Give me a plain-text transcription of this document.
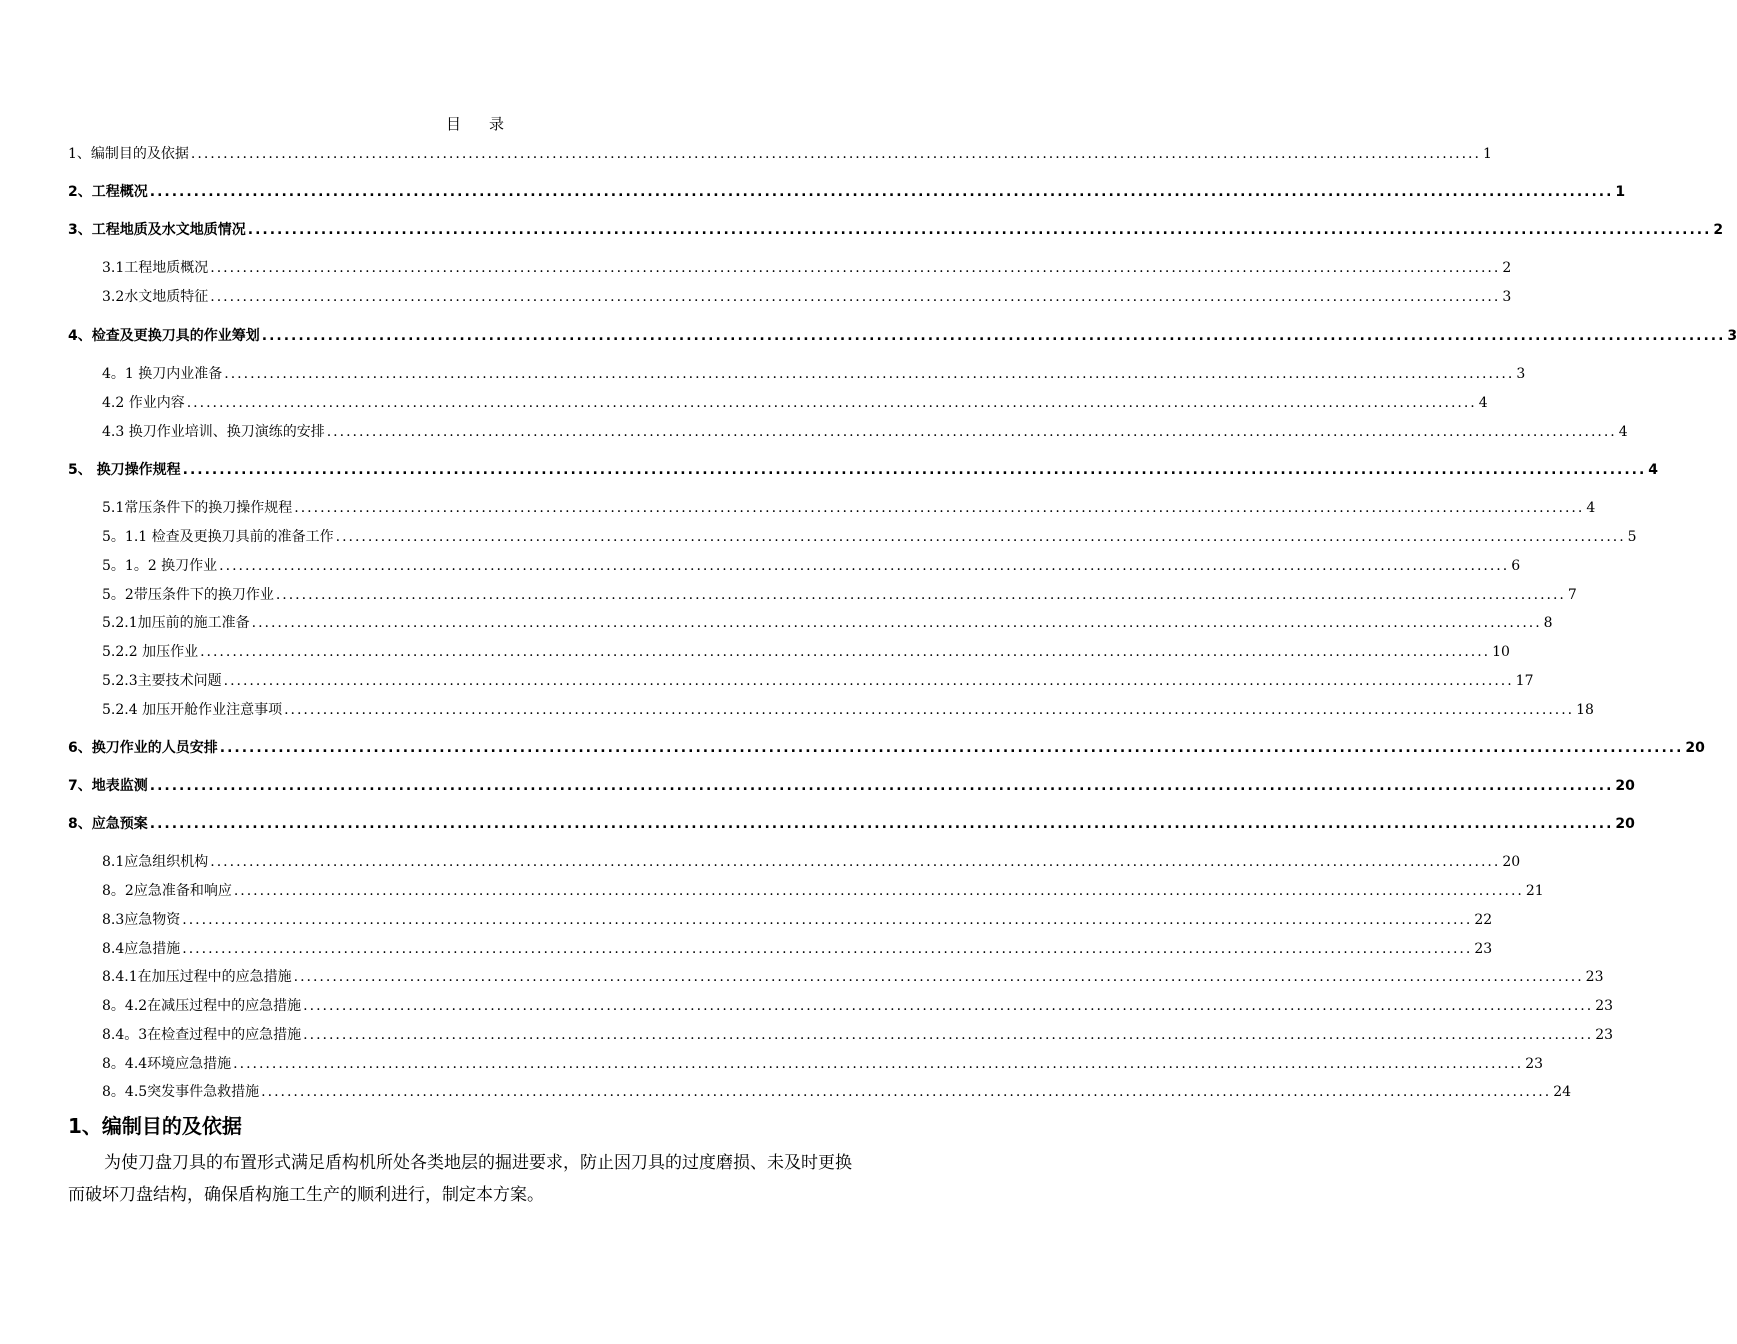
目 录
1、编制目的及依据 ........................................................................................................................................................................................................ 1
2、工程概况 ........................................................................................................................................................................................................ 1
3、工程地质及水文地质情况 ........................................................................................................................................................................................................ 2
3.1工程地质概况 ........................................................................................................................................................................................................ 2
3.2水文地质特征 ........................................................................................................................................................................................................ 3
4、检查及更换刀具的作业筹划 ........................................................................................................................................................................................................ 3
4。1 换刀内业准备 ........................................................................................................................................................................................................ 3
4.2 作业内容 ........................................................................................................................................................................................................ 4
4.3 换刀作业培训、换刀演练的安排 ........................................................................................................................................................................................................ 4
5、 换刀操作规程 ........................................................................................................................................................................................................ 4
5.1常压条件下的换刀操作规程 ........................................................................................................................................................................................................ 4
5。1.1 检查及更换刀具前的准备工作 ........................................................................................................................................................................................................ 5
5。1。2 换刀作业 ........................................................................................................................................................................................................ 6
5。2带压条件下的换刀作业 ........................................................................................................................................................................................................ 7
5.2.1加压前的施工准备 ........................................................................................................................................................................................................ 8
5.2.2 加压作业 ........................................................................................................................................................................................................ 10
5.2.3主要技术问题 ........................................................................................................................................................................................................ 17
5.2.4 加压开舱作业注意事项 ........................................................................................................................................................................................................ 18
6、换刀作业的人员安排 ........................................................................................................................................................................................................ 20
7、地表监测 ........................................................................................................................................................................................................ 20
8、应急预案 ........................................................................................................................................................................................................ 20
8.1应急组织机构 ........................................................................................................................................................................................................ 20
8。2应急准备和响应 ........................................................................................................................................................................................................ 21
8.3应急物资 ........................................................................................................................................................................................................ 22
8.4应急措施 ........................................................................................................................................................................................................ 23
8.4.1在加压过程中的应急措施 ........................................................................................................................................................................................................ 23
8。4.2在减压过程中的应急措施 ........................................................................................................................................................................................................ 23
8.4。3在检查过程中的应急措施 ........................................................................................................................................................................................................ 23
8。4.4环境应急措施 ........................................................................................................................................................................................................ 23
8。4.5突发事件急救措施 ........................................................................................................................................................................................................ 24
1、编制目的及依据
为使刀盘刀具的布置形式满足盾构机所处各类地层的掘进要求，防止因刀具的过度磨损、未及时更换而破坏刀盘结构，确保盾构施工生产的顺利进行，制定本方案。
